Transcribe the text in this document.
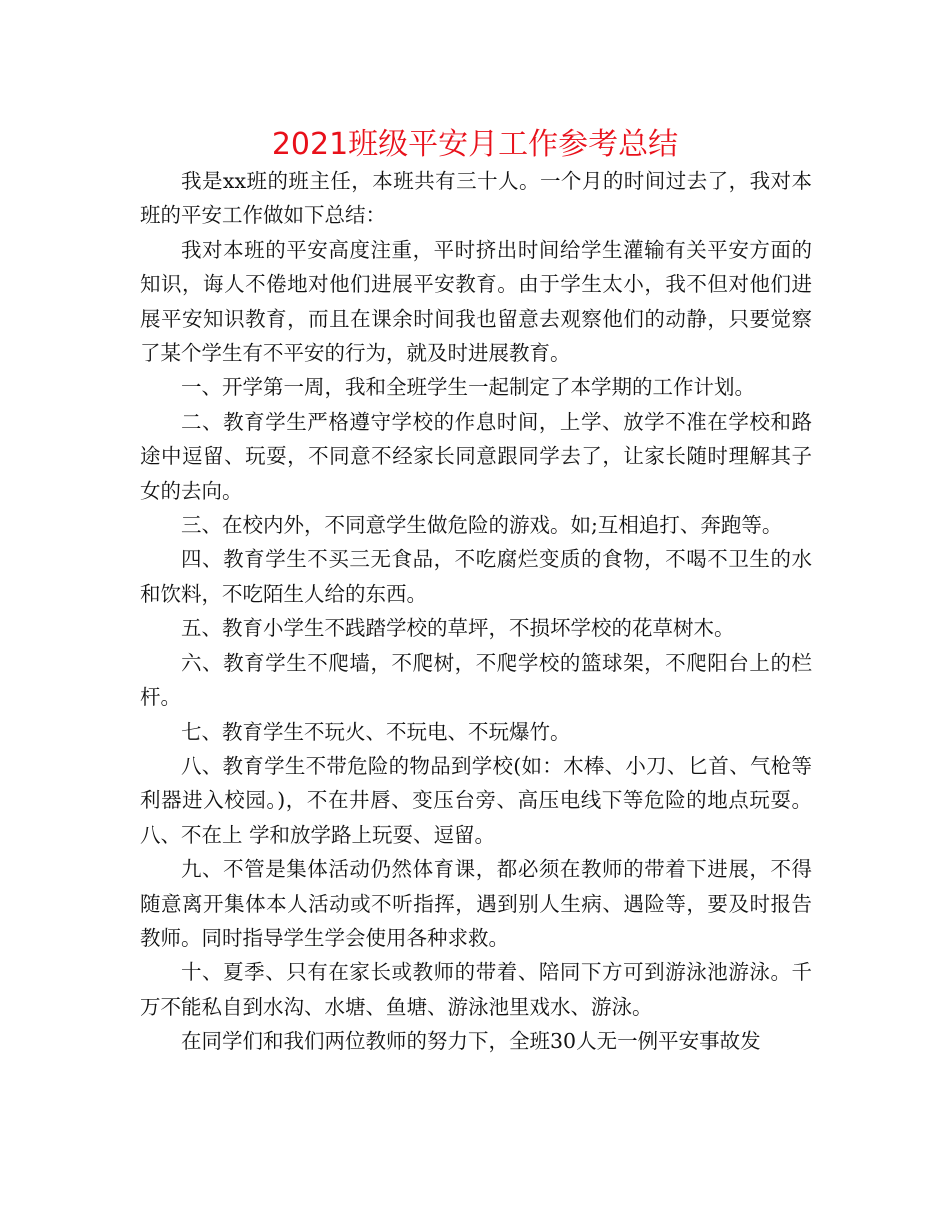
2021班级平安月工作参考总结

我是xx班的班主任，本班共有三十人。一个月的时间过去了，我对本班的平安工作做如下总结：

我对本班的平安高度注重，平时挤出时间给学生灌输有关平安方面的知识，诲人不倦地对他们进展平安教育。由于学生太小，我不但对他们进展平安知识教育，而且在课余时间我也留意去观察他们的动静，只要觉察了某个学生有不平安的行为，就及时进展教育。

一、开学第一周，我和全班学生一起制定了本学期的工作计划。

二、教育学生严格遵守学校的作息时间，上学、放学不准在学校和路途中逗留、玩耍，不同意不经家长同意跟同学去了，让家长随时理解其子女的去向。

三、在校内外，不同意学生做危险的游戏。如;互相追打、奔跑等。

四、教育学生不买三无食品，不吃腐烂变质的食物，不喝不卫生的水和饮料，不吃陌生人给的东西。

五、教育小学生不践踏学校的草坪，不损坏学校的花草树木。

六、教育学生不爬墙，不爬树，不爬学校的篮球架，不爬阳台上的栏杆。

七、教育学生不玩火、不玩电、不玩爆竹。

八、教育学生不带危险的物品到学校(如：木棒、小刀、匕首、气枪等利器进入校园。)，不在井唇、变压台旁、高压电线下等危险的地点玩耍。八、不在上 学和放学路上玩耍、逗留。

九、不管是集体活动仍然体育课，都必须在教师的带着下进展，不得随意离开集体本人活动或不听指挥，遇到别人生病、遇险等，要及时报告教师。同时指导学生学会使用各种求救。

十、夏季、只有在家长或教师的带着、陪同下方可到游泳池游泳。千万不能私自到水沟、水塘、鱼塘、游泳池里戏水、游泳。

在同学们和我们两位教师的努力下，全班30人无一例平安事故发
